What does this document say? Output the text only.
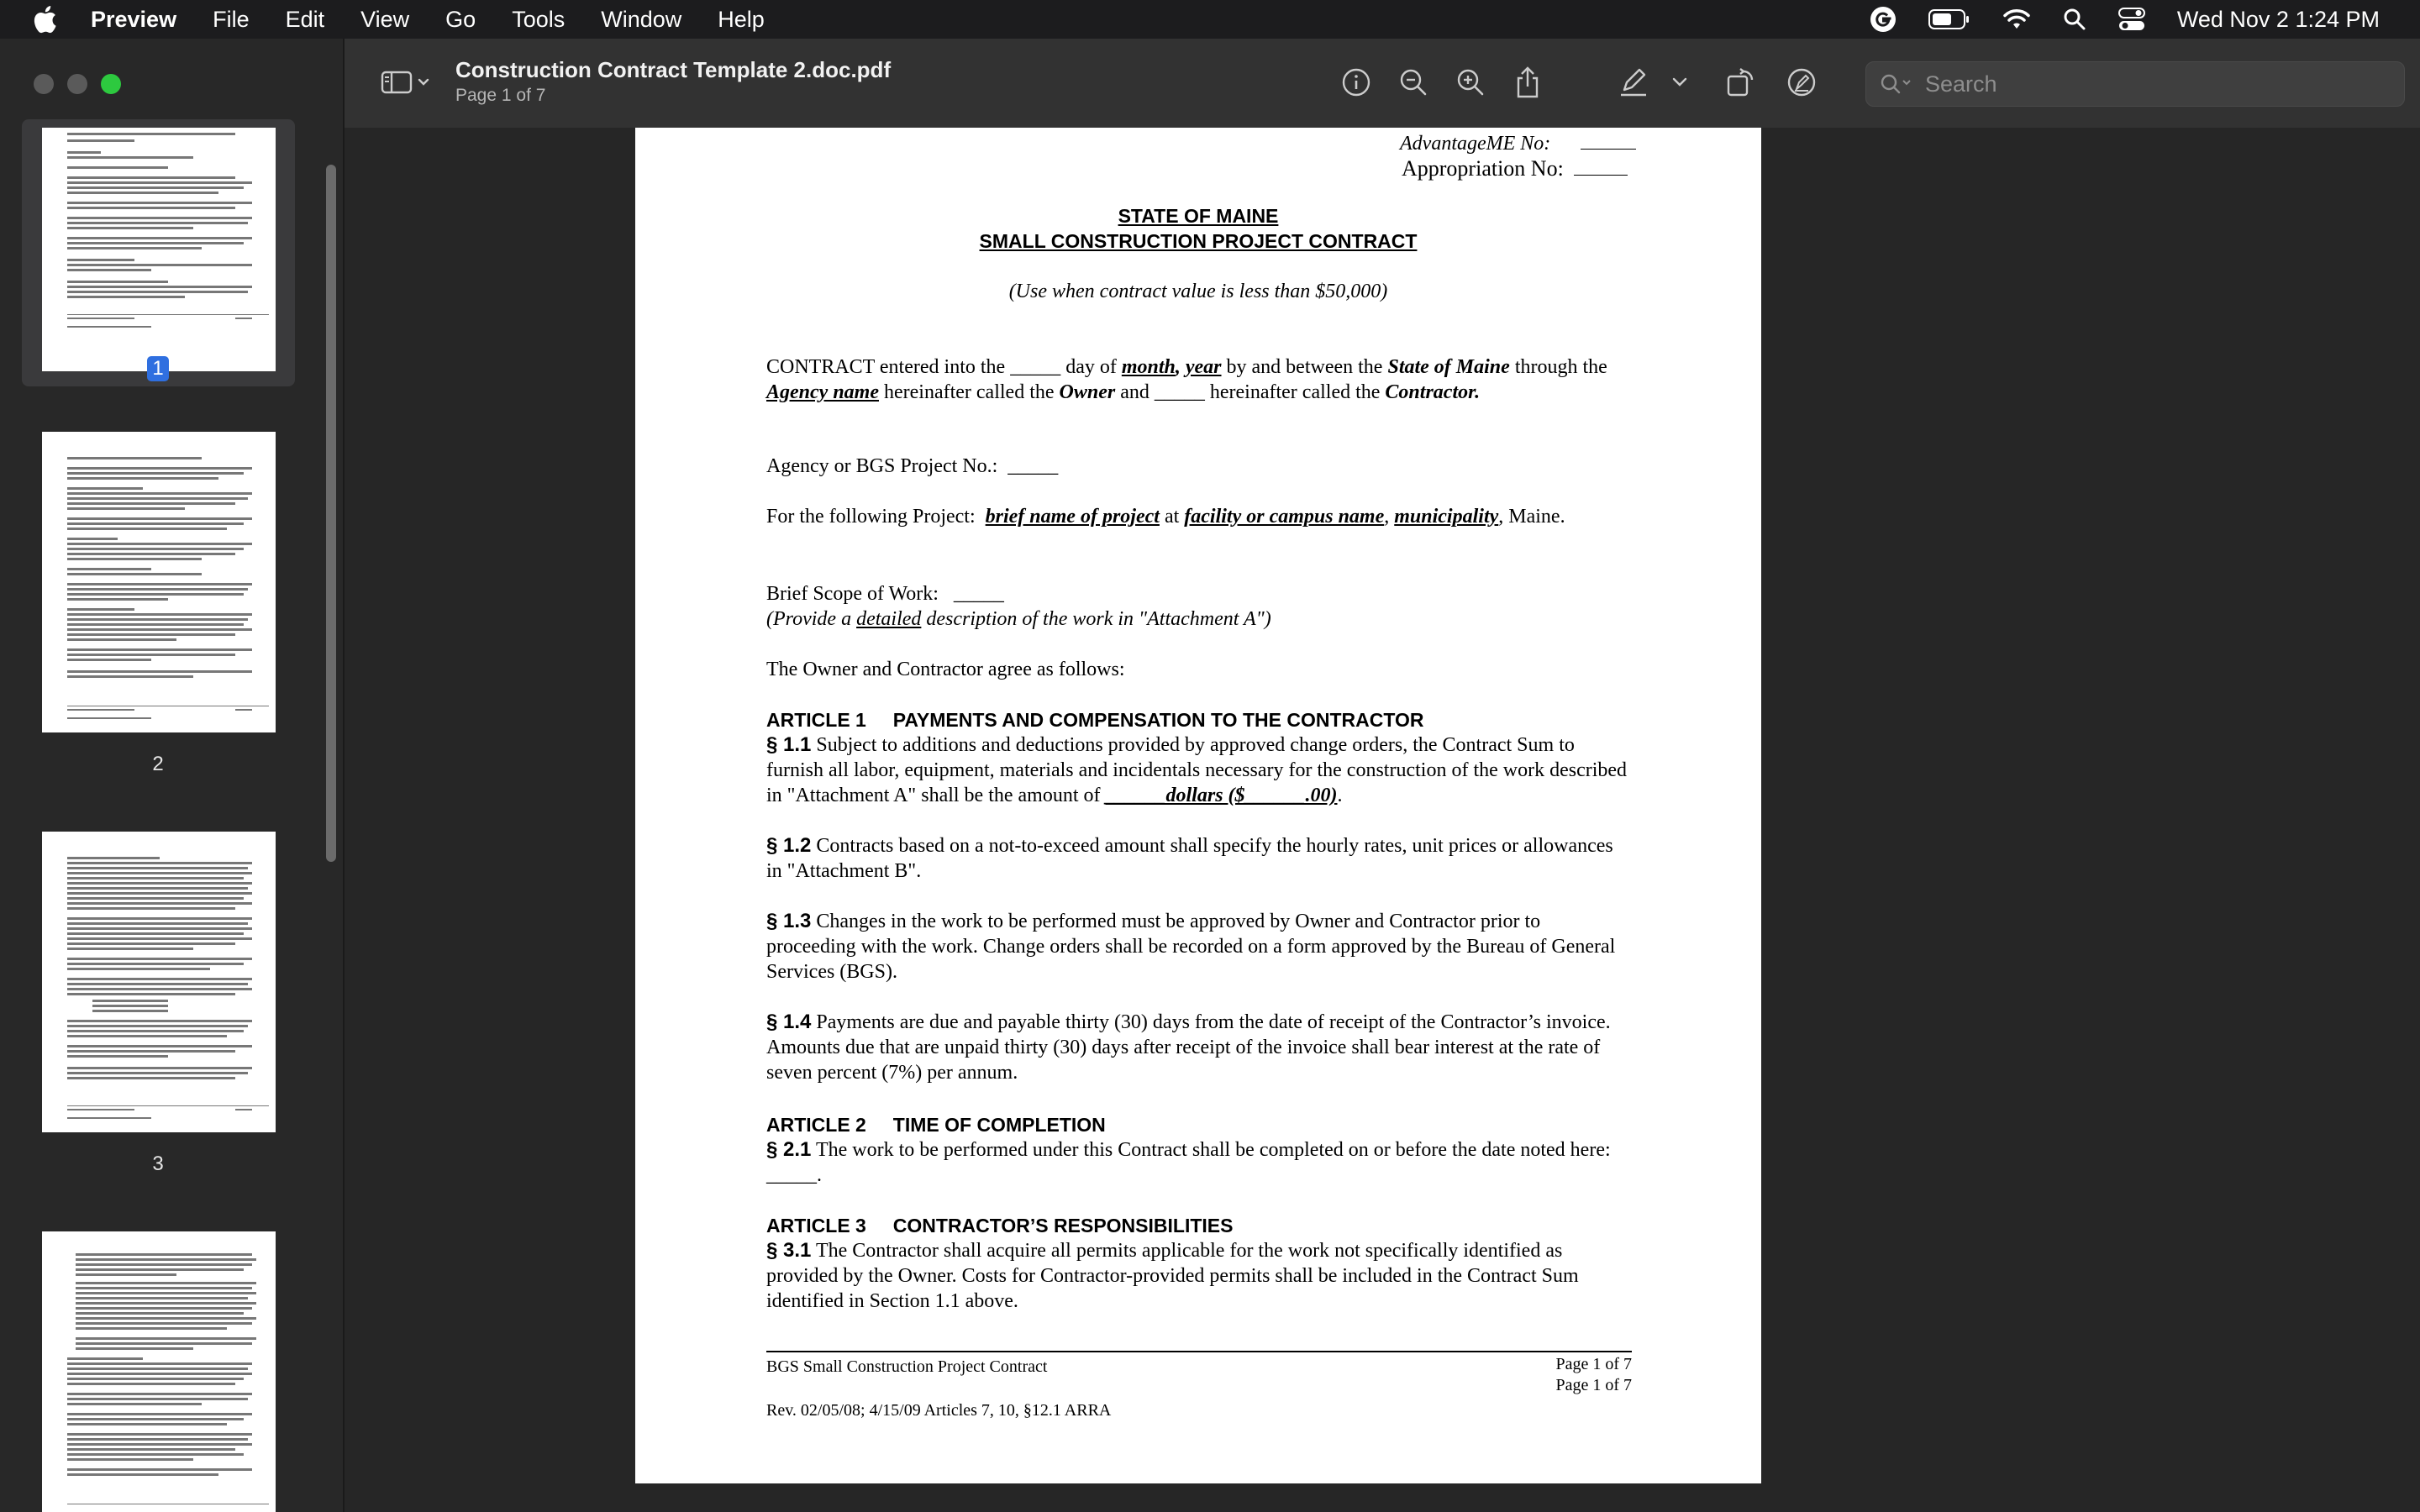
Preview File Edit View Go Tools Window Help	Wed Nov 2 1:24 PM
1
2
3
Construction Contract Template 2.doc.pdf
Page 1 of 7
Search
AdvantageME No:
Appropriation No:
STATE OF MAINE
SMALL CONSTRUCTION PROJECT CONTRACT
(Use when contract value is less than $50,000)

CONTRACT entered into the _____ day of month, year by and between the State of Maine through the Agency name hereinafter called the Owner and _____ hereinafter called the Contractor.

Agency or BGS Project No.: _____

For the following Project: brief name of project at facility or campus name, municipality, Maine.

Brief Scope of Work: _____

(Provide a detailed description of the work in "Attachment A")

The Owner and Contractor agree as follows:

ARTICLE 1     PAYMENTS AND COMPENSATION TO THE CONTRACTOR

§ 1.1 Subject to additions and deductions provided by approved change orders, the Contract Sum to furnish all labor, equipment, materials and incidentals necessary for the construction of the work described in "Attachment A" shall be the amount of ______dollars ($______.00).

§ 1.2 Contracts based on a not-to-exceed amount shall specify the hourly rates, unit prices or allowances in "Attachment B".

§ 1.3 Changes in the work to be performed must be approved by Owner and Contractor prior to proceeding with the work. Change orders shall be recorded on a form approved by the Bureau of General Services (BGS).

§ 1.4 Payments are due and payable thirty (30) days from the date of receipt of the Contractor’s invoice. Amounts due that are unpaid thirty (30) days after receipt of the invoice shall bear interest at the rate of seven percent (7%) per annum.

ARTICLE 2     TIME OF COMPLETION

§ 2.1 The work to be performed under this Contract shall be completed on or before the date noted here: _____.

ARTICLE 3     CONTRACTOR’S RESPONSIBILITIES

§ 3.1 The Contractor shall acquire all permits applicable for the work not specifically identified as provided by the Owner. Costs for Contractor-provided permits shall be included in the Contract Sum identified in Section 1.1 above.

BGS Small Construction Project Contract	Page 1 of 7
Page 1 of 7
Rev. 02/05/08; 4/15/09 Articles 7, 10, §12.1 ARRA
